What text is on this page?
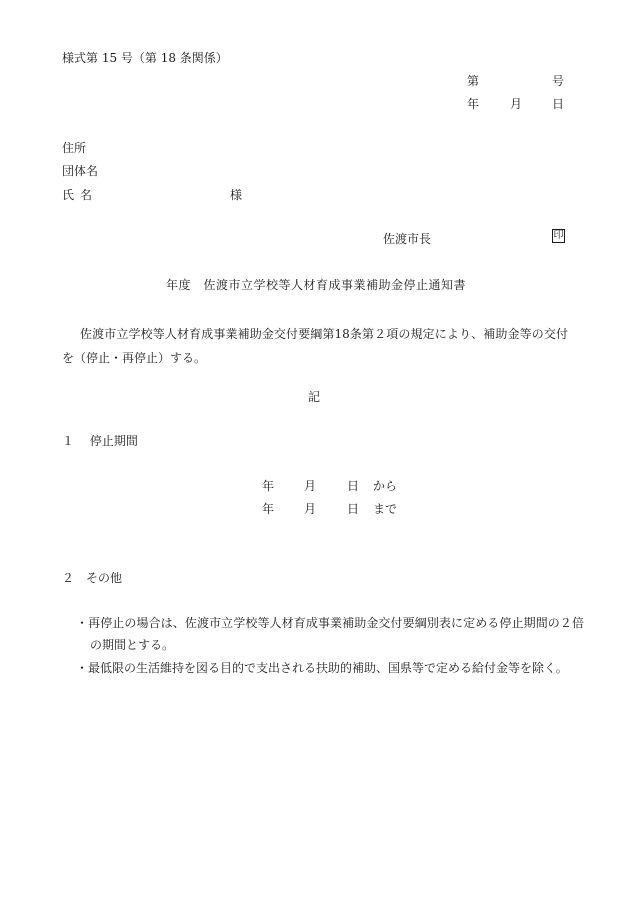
様式第 15 号（第 18 条関係）
第	号
年	月 日
住所
団体名
氏名	様
佐渡市長	印
年度　佐渡市立学校等人材育成事業補助金停止通知書
佐渡市立学校等人材育成事業補助金交付要綱第18条第２項の規定により、補助金等の交付を（停止・再停止）する。
記
１　 停止期間
年 月	日 から
年 月	日 まで
２　その他
・再停止の場合は、佐渡市立学校等人材育成事業補助金交付要綱別表に定める停止期間の２倍の期間とする。
・最低限の生活維持を図る目的で支出される扶助的補助、国県等で定める給付金等を除く。
